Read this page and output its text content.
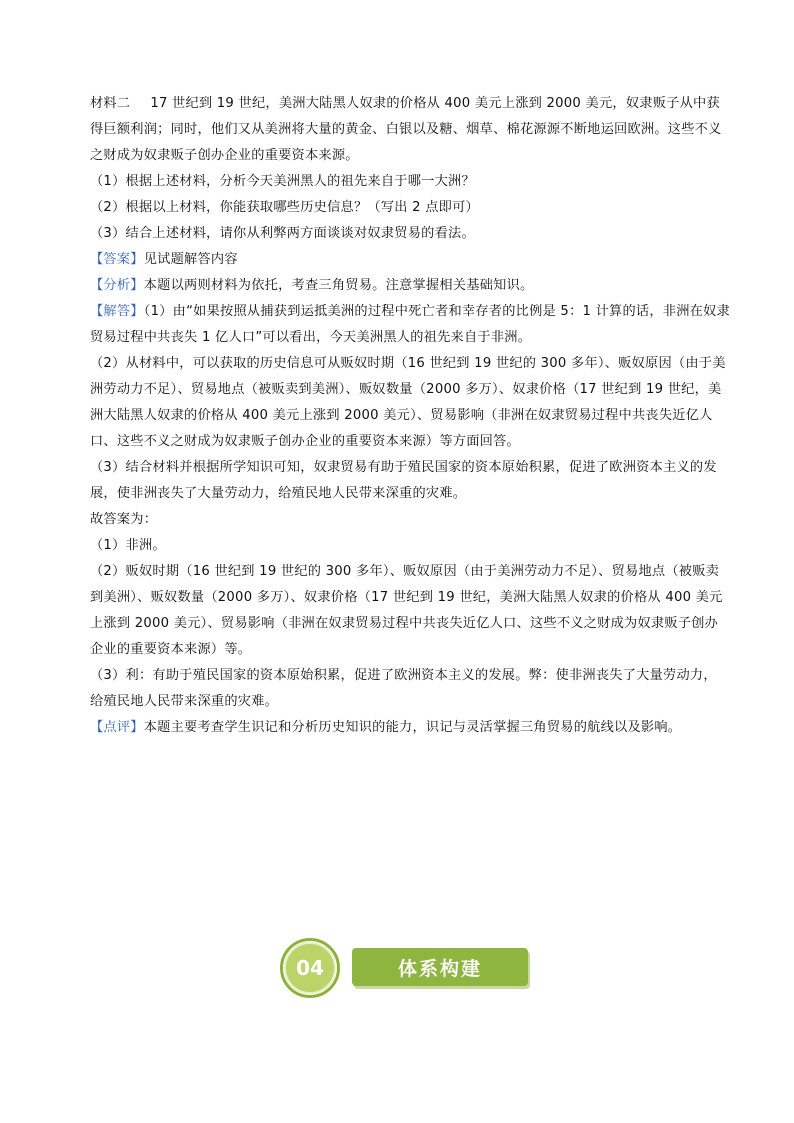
材料二 17 世纪到 19 世纪，美洲大陆黑人奴隶的价格从 400 美元上涨到 2000 美元，奴隶贩子从中获得巨额利润；同时，他们又从美洲将大量的黄金、白银以及糖、烟草、棉花源源不断地运回欧洲。这些不义之财成为奴隶贩子创办企业的重要资本来源。

（1）根据上述材料，分析今天美洲黑人的祖先来自于哪一大洲？

（2）根据以上材料，你能获取哪些历史信息？（写出 2 点即可）

（3）结合上述材料，请你从利弊两方面谈谈对奴隶贸易的看法。

【答案】见试题解答内容

【分析】本题以两则材料为依托，考查三角贸易。注意掌握相关基础知识。

【解答】（1）由“如果按照从捕获到运抵美洲的过程中死亡者和幸存者的比例是 5：1 计算的话，非洲在奴隶贸易过程中共丧失 1 亿人口”可以看出，今天美洲黑人的祖先来自于非洲。

（2）从材料中，可以获取的历史信息可从贩奴时期（16 世纪到 19 世纪的 300 多年）、贩奴原因（由于美洲劳动力不足）、贸易地点（被贩卖到美洲）、贩奴数量（2000 多万）、奴隶价格（17 世纪到 19 世纪，美洲大陆黑人奴隶的价格从 400 美元上涨到 2000 美元）、贸易影响（非洲在奴隶贸易过程中共丧失近亿人口、这些不义之财成为奴隶贩子创办企业的重要资本来源）等方面回答。

（3）结合材料并根据所学知识可知，奴隶贸易有助于殖民国家的资本原始积累，促进了欧洲资本主义的发展，使非洲丧失了大量劳动力，给殖民地人民带来深重的灾难。

故答案为：

（1）非洲。

（2）贩奴时期（16 世纪到 19 世纪的 300 多年）、贩奴原因（由于美洲劳动力不足）、贸易地点（被贩卖到美洲）、贩奴数量（2000 多万）、奴隶价格（17 世纪到 19 世纪，美洲大陆黑人奴隶的价格从 400 美元上涨到 2000 美元）、贸易影响（非洲在奴隶贸易过程中共丧失近亿人口、这些不义之财成为奴隶贩子创办企业的重要资本来源）等。

（3）利：有助于殖民国家的资本原始积累，促进了欧洲资本主义的发展。弊：使非洲丧失了大量劳动力，给殖民地人民带来深重的灾难。

【点评】本题主要考查学生识记和分析历史知识的能力，识记与灵活掌握三角贸易的航线以及影响。

04	体系构建
